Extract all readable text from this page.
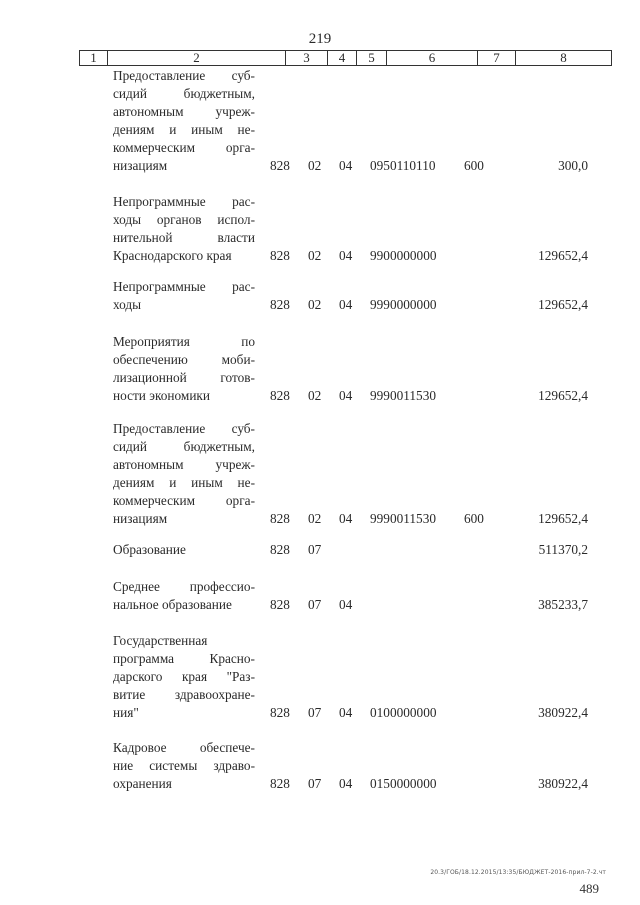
219
1	2	3	4	5	6	7	8
Предоставление суб-
сидий бюджетным,
автономным учреж-
дениям и иным не-
коммерческим орга-
низациям	828 02 04 0950110110 600	300,0
Непрограммные рас-
ходы органов испол-
нительной власти
Краснодарского края	828 02 04 9900000000	129652,4
Непрограммные рас-
ходы	828 02 04 9990000000	129652,4
Мероприятия по
обеспечению моби-
лизационной готов-
ности экономики	828 02 04 9990011530	129652,4
Предоставление суб-
сидий бюджетным,
автономным учреж-
дениям и иным не-
коммерческим орга-
низациям	828 02 04 9990011530 600	129652,4
Образование	828 07	511370,2
Среднее профессио-
нальное образование	828 07 04	385233,7
Государственная
программа Красно-
дарского края "Раз-
витие здравоохране-
ния"	828 07 04 0100000000	380922,4
Кадровое обеспече-
ние системы здраво-
охранения	828 07 04 0150000000	380922,4
20.3/ГОБ/18.12.2015/13:35/БЮДЖЕТ-2016-прил-7-2.чт
489
